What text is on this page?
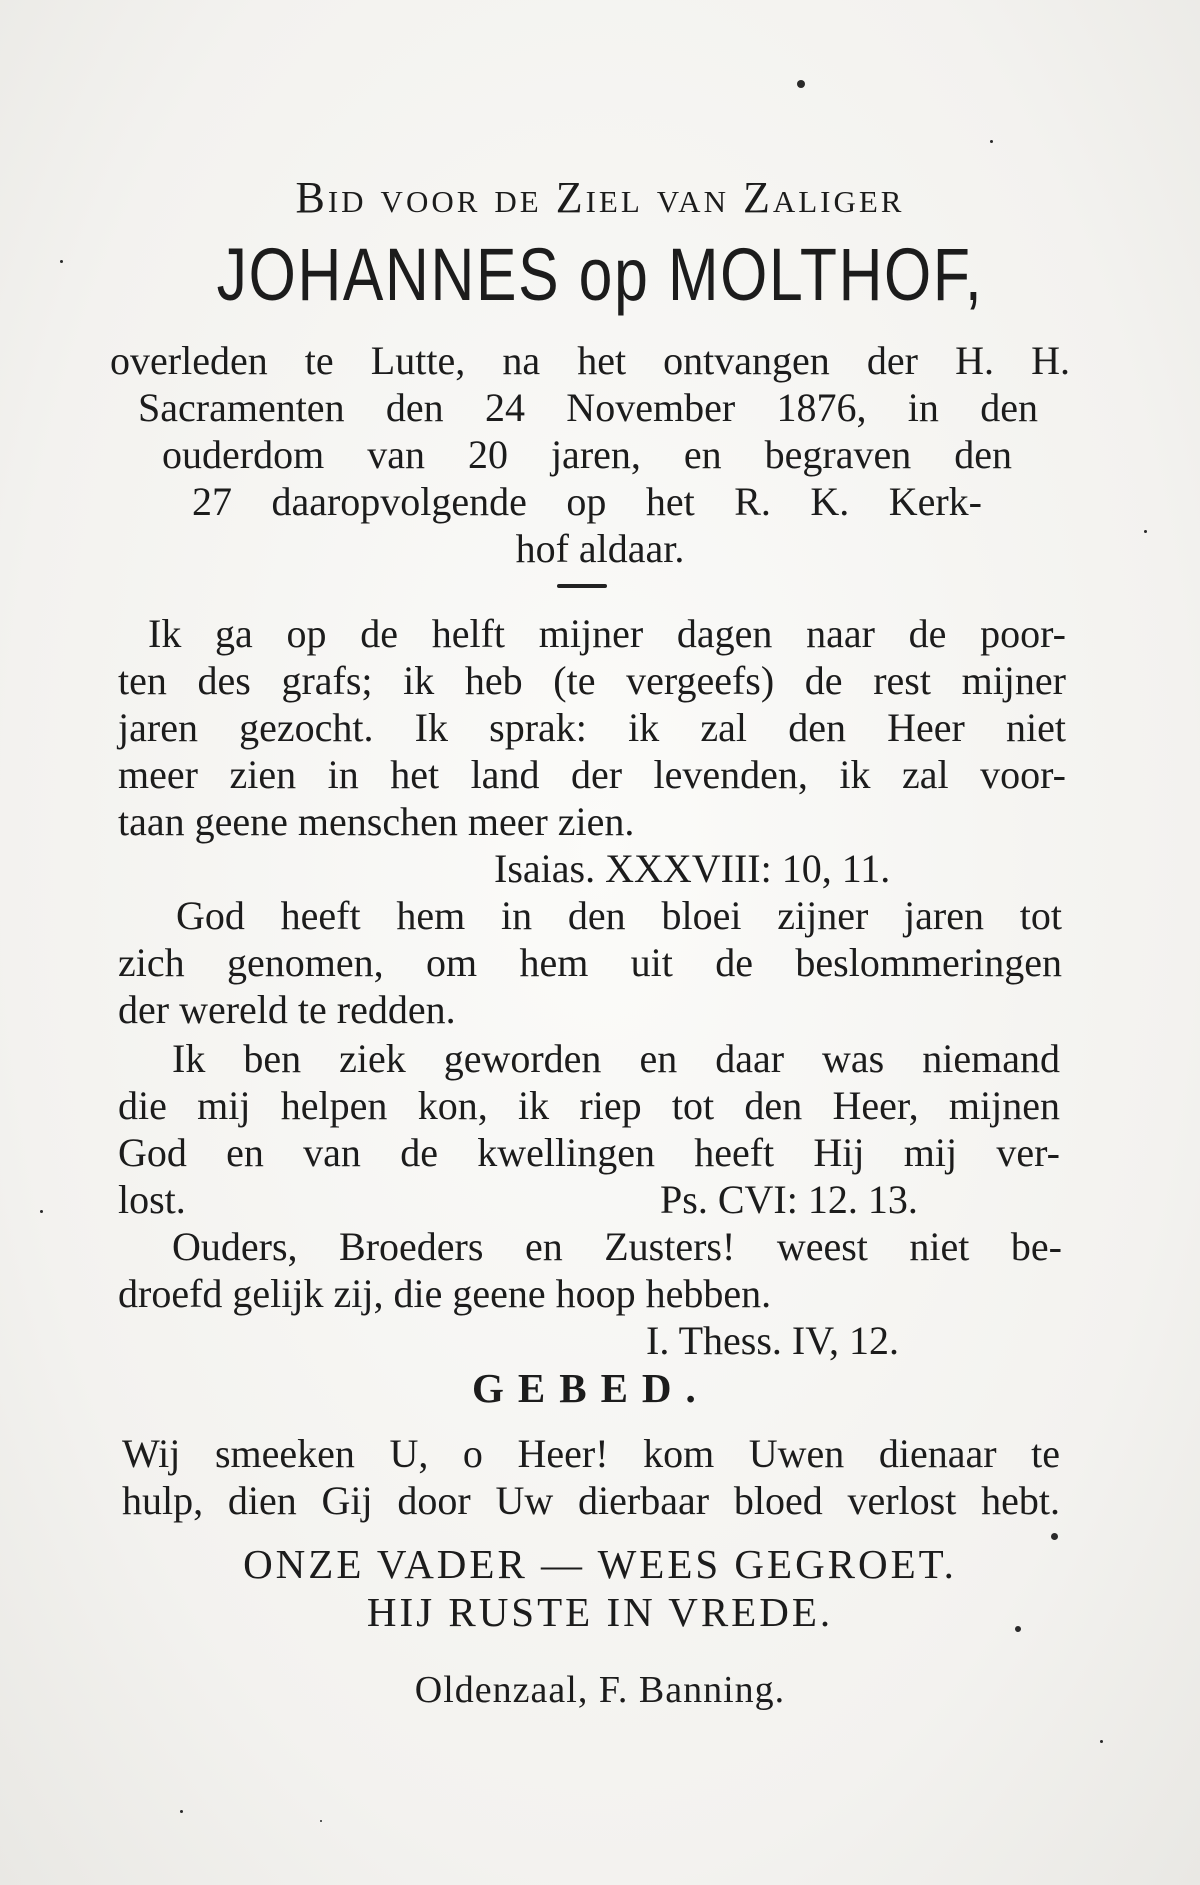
Bid voor de Ziel van Zaliger
JOHANNES op MOLTHOF,
overleden te Lutte, na het ontvangen der H. H.
Sacramenten den 24 November 1876, in den
ouderdom van 20 jaren, en begraven den
27 daaropvolgende op het R. K. Kerk-
hof aldaar.
Ik ga op de helft mijner dagen naar de poor-
ten des grafs; ik heb (te vergeefs) de rest mijner
jaren gezocht. Ik sprak: ik zal den Heer niet
meer zien in het land der levenden, ik zal voor-
taan geene menschen meer zien.
Isaias. XXXVIII: 10, 11.
God heeft hem in den bloei zijner jaren tot
zich genomen, om hem uit de beslommeringen
der wereld te redden.
Ik ben ziek geworden en daar was niemand
die mij helpen kon, ik riep tot den Heer, mijnen
God en van de kwellingen heeft Hij mij ver-
lost.	Ps. CVI: 12. 13.
Ouders, Broeders en Zusters! weest niet be-
droefd gelijk zij, die geene hoop hebben.
I. Thess. IV, 12.
GEBED.
Wij smeeken U, o Heer! kom Uwen dienaar te
hulp, dien Gij door Uw dierbaar bloed verlost hebt.
ONZE VADER — WEES GEGROET.
HIJ RUSTE IN VREDE.
Oldenzaal, F. Banning.
